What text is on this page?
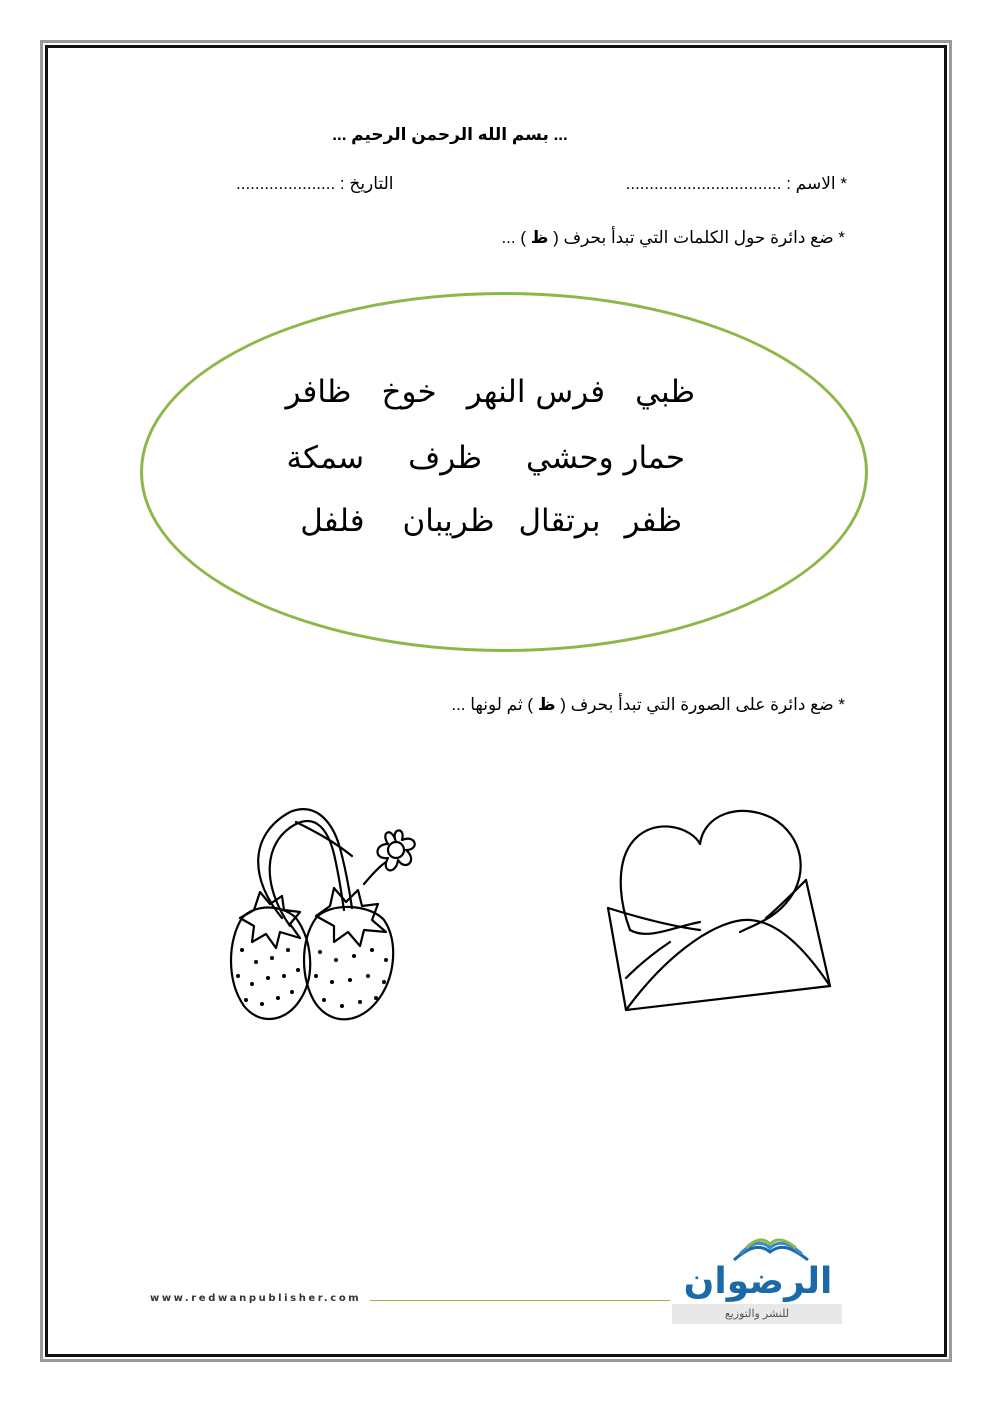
... بسم الله الرحمن الرحيم ...
* الاسم : .................................
التاريخ : .....................
* ضع دائرة حول الكلمات التي تبدأ بحرف ( ظ ) ...
ظبيفرس النهرخوخظافر
حمار وحشيظرفسمكة
ظفربرتقالظريبانفلفل
* ضع دائرة على الصورة التي تبدأ بحرف ( ظ ) ثم لونها ...
www.redwanpublisher.com	الرضوان
للنشر والتوزيع
